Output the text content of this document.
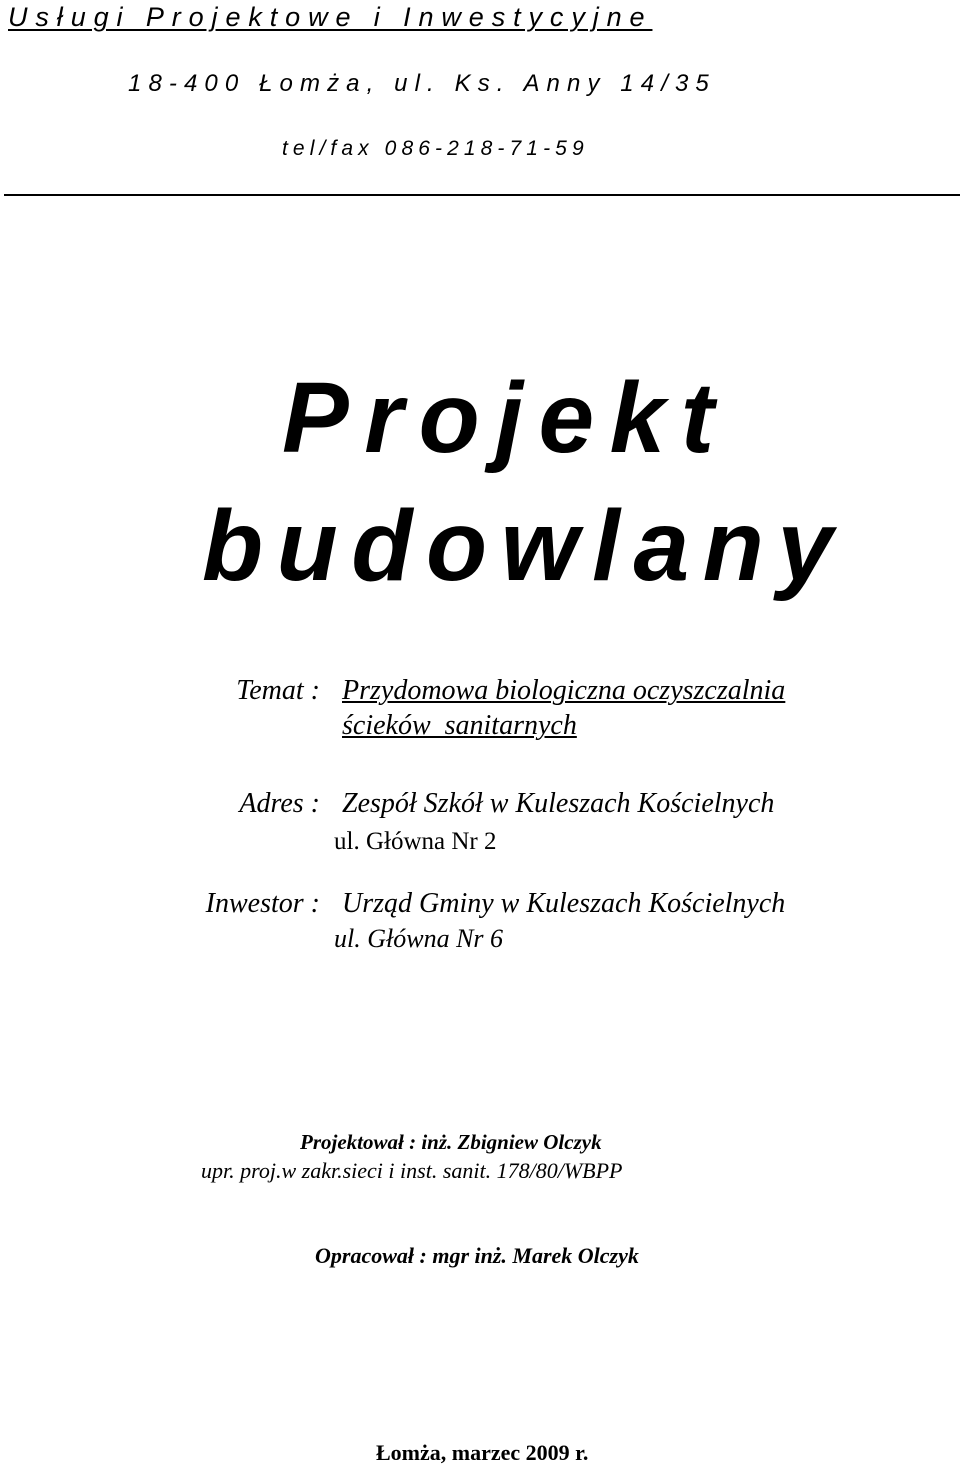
Usługi Projektowe i Inwestycyjne
18-400 Łomża, ul. Ks. Anny 14/35
tel/fax 086-218-71-59
Projekt
budowlany
Temat : Przydomowa biologiczna oczyszczalnia
ścieków  sanitarnych
Adres : Zespół Szkół w Kuleszach Kościelnych
ul. Główna Nr 2
Inwestor : Urząd Gminy w Kuleszach Kościelnych
ul. Główna Nr 6
Projektował : inż. Zbigniew Olczyk
upr. proj.w zakr.sieci i inst. sanit. 178/80/WBPP
Opracował : mgr inż. Marek Olczyk
Łomża, marzec 2009 r.
